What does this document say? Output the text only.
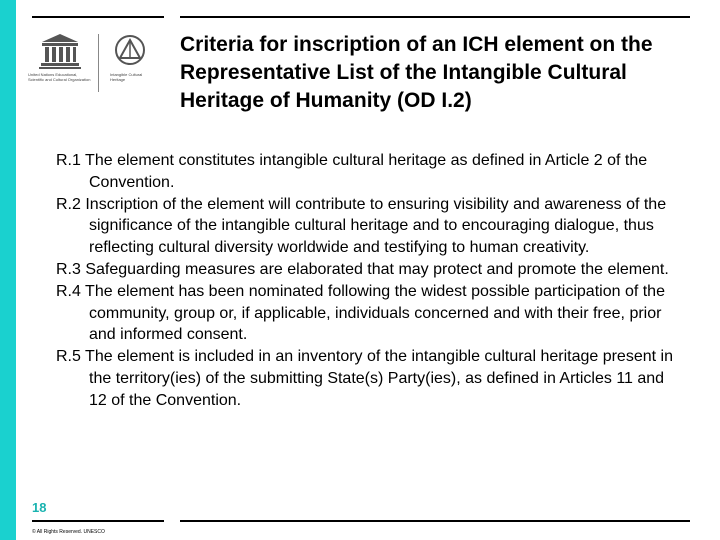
United Nations Educational, Scientific and Cultural Organization
Intangible Cultural Heritage
Criteria for inscription of an ICH element on the Representative List of the Intangible Cultural Heritage of Humanity (OD I.2)
R.1 The element constitutes intangible cultural heritage as defined in Article 2 of the Convention.
R.2 Inscription of the element will contribute to ensuring visibility and awareness of the significance of the intangible cultural heritage and to encouraging dialogue, thus reflecting cultural diversity worldwide and testifying to human creativity.
R.3 Safeguarding measures are elaborated that may protect and promote the element.
R.4 The element has been nominated following the widest possible participation of the community, group or, if applicable, individuals concerned and with their free, prior and informed consent.
R.5 The element is included in an inventory of the intangible cultural heritage present in the territory(ies) of the submitting State(s) Party(ies), as defined in Articles 11 and 12 of the Convention.
18
© All Rights Reserved. UNESCO
